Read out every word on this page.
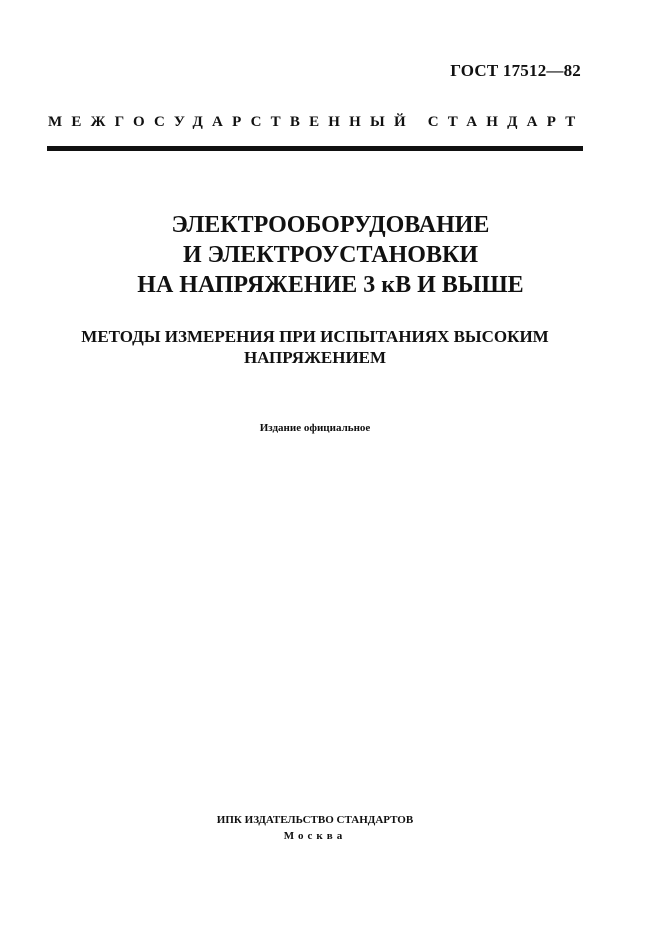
ГОСТ 17512—82
МЕЖГОСУДАРСТВЕННЫЙ СТАНДАРТ
ЭЛЕКТРООБОРУДОВАНИЕ
И ЭЛЕКТРОУСТАНОВКИ
НА НАПРЯЖЕНИЕ 3 кВ И ВЫШЕ
МЕТОДЫ ИЗМЕРЕНИЯ ПРИ ИСПЫТАНИЯХ ВЫСОКИМ
НАПРЯЖЕНИЕМ
Издание официальное
ИПК ИЗДАТЕЛЬСТВО СТАНДАРТОВ
Москва
